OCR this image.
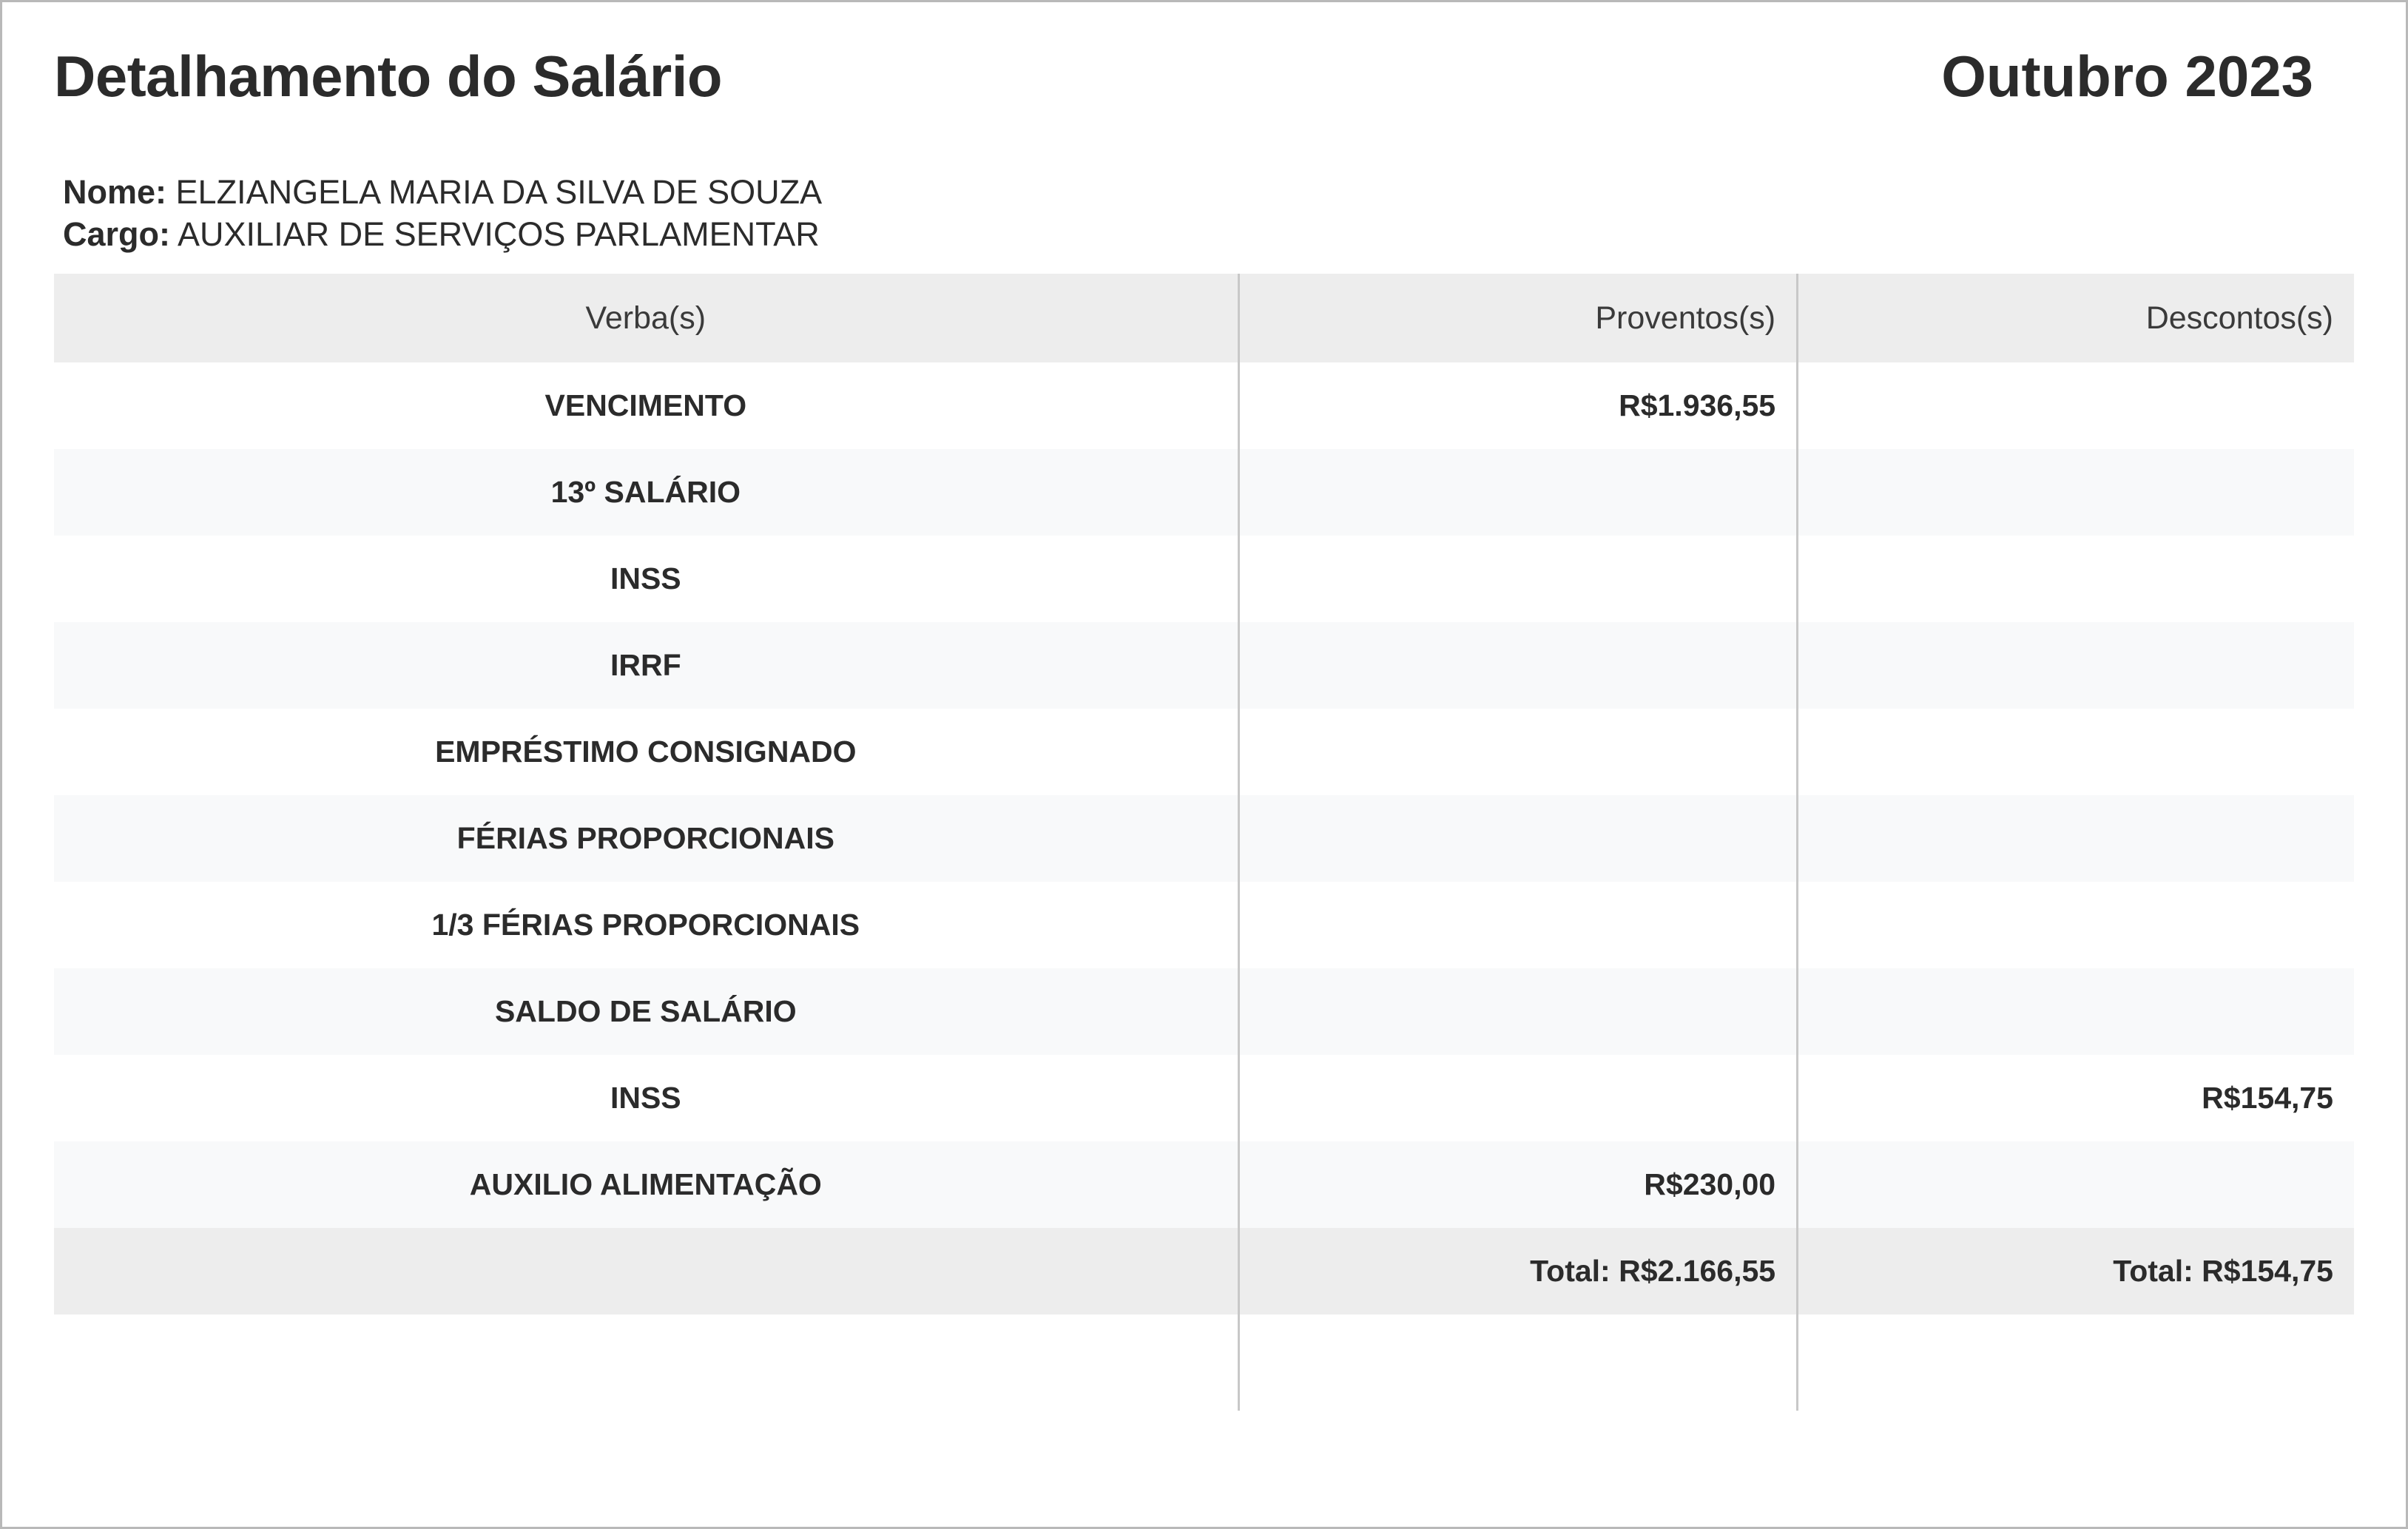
Detalhamento do Salário	Outubro 2023
Nome: ELZIANGELA MARIA DA SILVA DE SOUZA
Cargo: AUXILIAR DE SERVIÇOS PARLAMENTAR
Verba(s)	Proventos(s)	Descontos(s)
VENCIMENTO	R$1.936,55	
13º SALÁRIO		
INSS		
IRRF		
EMPRÉSTIMO CONSIGNADO		
FÉRIAS PROPORCIONAIS		
1/3 FÉRIAS PROPORCIONAIS		
SALDO DE SALÁRIO		
INSS		R$154,75
AUXILIO ALIMENTAÇÃO	R$230,00	
	Total: R$2.166,55	Total: R$154,75
